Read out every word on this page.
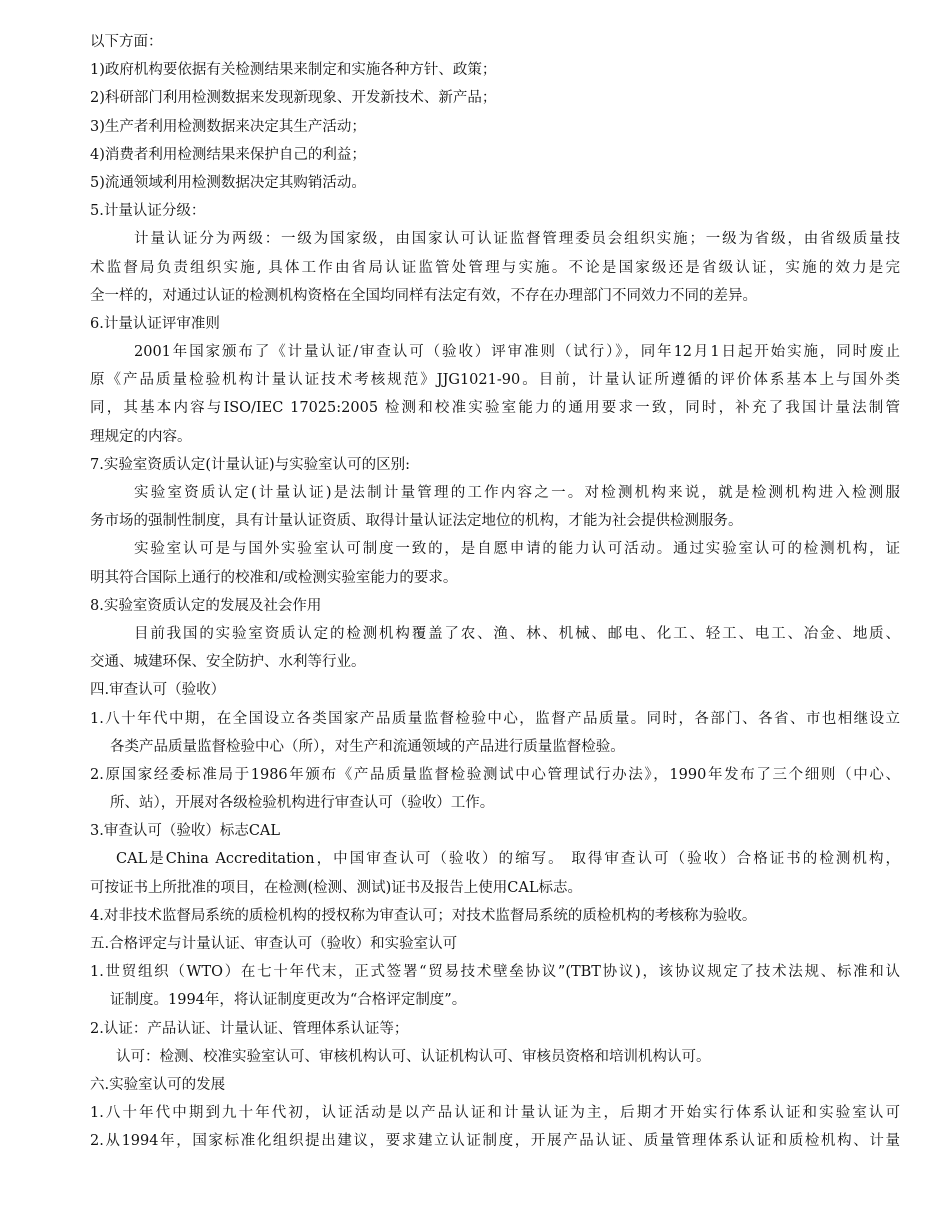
以下方面：

1)政府机构要依据有关检测结果来制定和实施各种方针、政策；

2)科研部门利用检测数据来发现新现象、开发新技术、新产品；

3)生产者利用检测数据来决定其生产活动；

4)消费者利用检测结果来保护自己的利益；

5)流通领域利用检测数据决定其购销活动。

5.计量认证分级：

计量认证分为两级：一级为国家级，由国家认可认证监督管理委员会组织实施；一级为省级，由省级质量技

术监督局负责组织实施, 具体工作由省局认证监管处管理与实施。不论是国家级还是省级认证，实施的效力是完

全一样的，对通过认证的检测机构资格在全国均同样有法定有效，不存在办理部门不同效力不同的差异。

6.计量认证评审准则

2001年国家颁布了《计量认证/审查认可（验收）评审准则（试行）》，同年12月1日起开始实施，同时废止

原《产品质量检验机构计量认证技术考核规范》JJG1021-90。目前，计量认证所遵循的评价体系基本上与国外类

同，其基本内容与ISO/IEC 17025:2005 检测和校准实验室能力的通用要求一致，同时，补充了我国计量法制管

理规定的内容。

7.实验室资质认定(计量认证)与实验室认可的区别:

实验室资质认定(计量认证)是法制计量管理的工作内容之一。对检测机构来说，就是检测机构进入检测服

务市场的强制性制度，具有计量认证资质、取得计量认证法定地位的机构，才能为社会提供检测服务。

实验室认可是与国外实验室认可制度一致的，是自愿申请的能力认可活动。通过实验室认可的检测机构，证

明其符合国际上通行的校准和/或检测实验室能力的要求。

8.实验室资质认定的发展及社会作用

目前我国的实验室资质认定的检测机构覆盖了农、渔、林、机械、邮电、化工、轻工、电工、冶金、地质、

交通、城建环保、安全防护、水利等行业。

四.审查认可（验收）

1.八十年代中期，在全国设立各类国家产品质量监督检验中心，监督产品质量。同时，各部门、各省、市也相继设立

各类产品质量监督检验中心（所），对生产和流通领域的产品进行质量监督检验。

2.原国家经委标准局于1986年颁布《产品质量监督检验测试中心管理试行办法》，1990年发布了三个细则（中心、

所、站），开展对各级检验机构进行审查认可（验收）工作。

3.审查认可（验收）标志CAL

CAL是China Accreditation，中国审查认可（验收）的缩写。 取得审查认可（验收）合格证书的检测机构，

可按证书上所批准的项目，在检测(检测、测试)证书及报告上使用CAL标志。

4.对非技术监督局系统的质检机构的授权称为审查认可；对技术监督局系统的质检机构的考核称为验收。

五.合格评定与计量认证、审查认可（验收）和实验室认可

1.世贸组织（WTO）在七十年代末，正式签署“贸易技术壁垒协议”(TBT协议)，该协议规定了技术法规、标准和认

证制度。1994年，将认证制度更改为“合格评定制度”。

2.认证：产品认证、计量认证、管理体系认证等；

认可：检测、校准实验室认可、审核机构认可、认证机构认可、审核员资格和培训机构认可。

六.实验室认可的发展

1.八十年代中期到九十年代初，认证活动是以产品认证和计量认证为主，后期才开始实行体系认证和实验室认可

2.从1994年，国家标准化组织提出建议，要求建立认证制度，开展产品认证、质量管理体系认证和质检机构、计量
